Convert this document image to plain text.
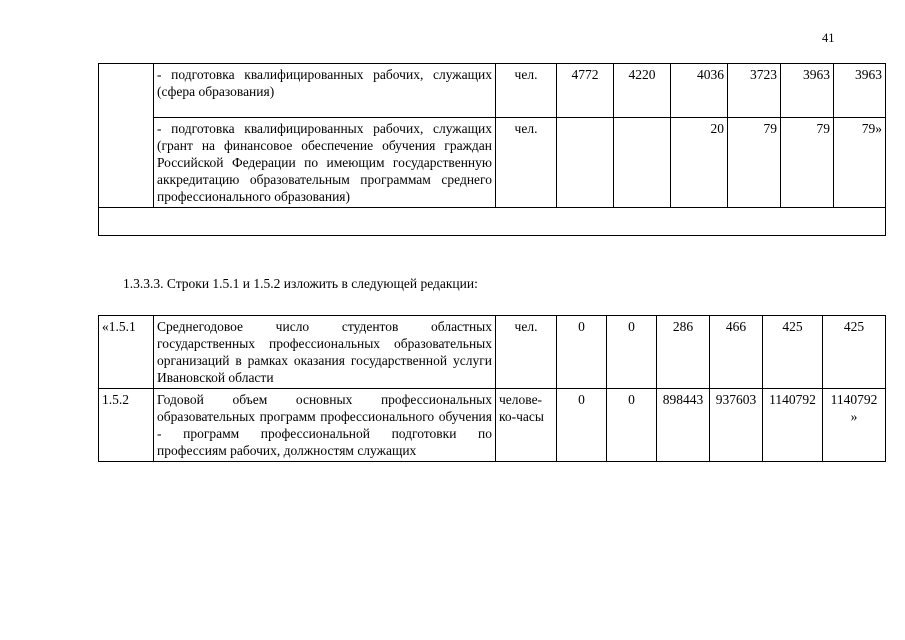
41

	- подготовка квалифицированных рабочих, служащих (сфера образования)	чел.	4772	4220	4036	3723	3963	3963

	- подготовка квалифицированных рабочих, служащих (грант на финансовое обеспечение обучения граждан Российской Федерации по имеющим государственную аккредитацию образовательным программам среднего профессионального образования)	чел.			20	79	79	79»

1.3.3.3. Строки 1.5.1 и 1.5.2 изложить в следующей редакции:
«1.5.1	Среднегодовое число студентов областных государственных профессиональных образовательных организаций в рамках оказания государственной услуги Ивановской области	чел.	0	0	286	466	425	425
1.5.2	Годовой объем основных профессиональных образовательных программ профессионального обучения - программ профессиональной подготовки по профессиям рабочих, должностям служащих	челове-ко-часы	0	0	898443	937603	1140792	1140792 »
